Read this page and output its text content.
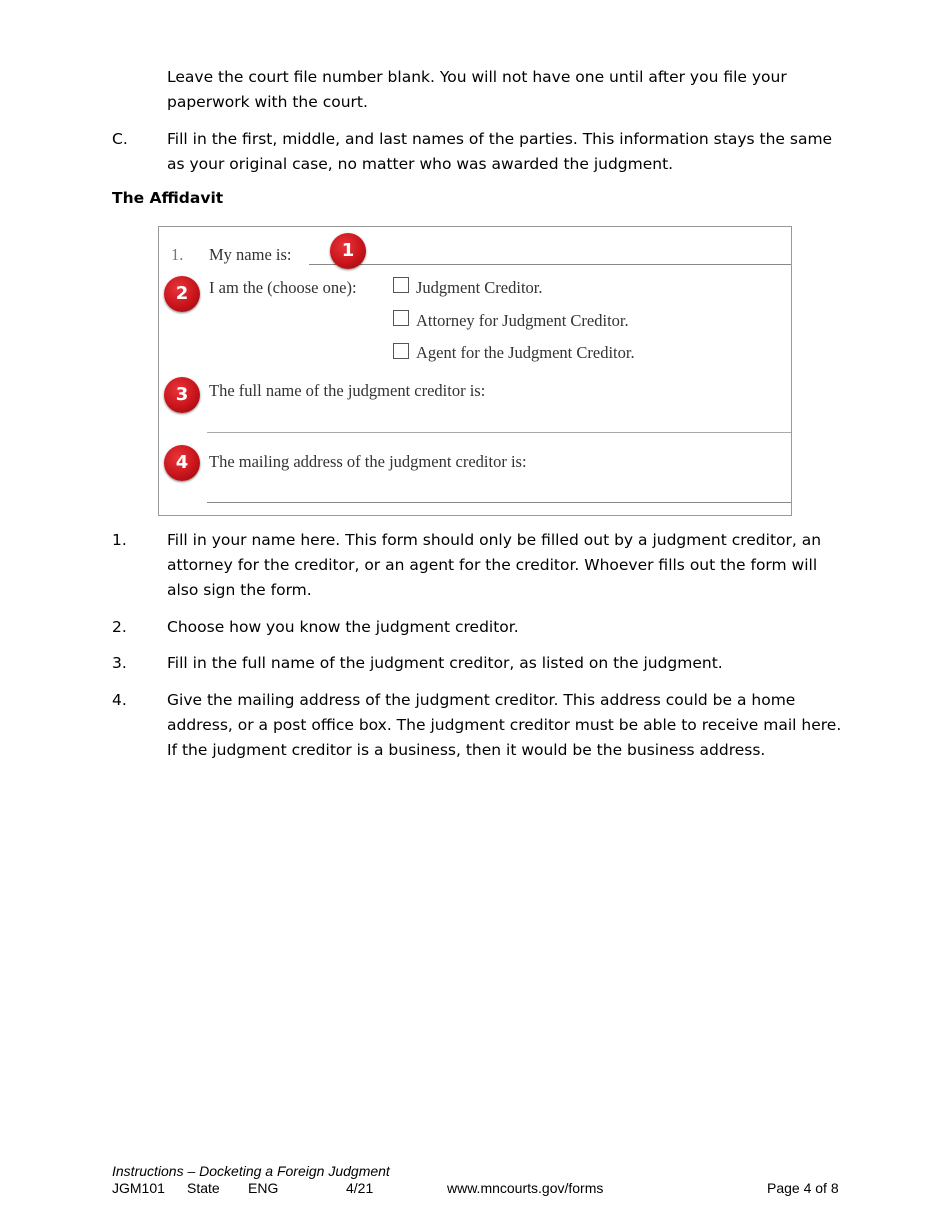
Leave the court file number blank. You will not have one until after you file your paperwork with the court.
C.	Fill in the first, middle, and last names of the parties. This information stays the same as your original case, no matter who was awarded the judgment.
The Affidavit
1. My name is:
I am the (choose one):	Judgment Creditor.
Attorney for Judgment Creditor.
Agent for the Judgment Creditor.
The full name of the judgment creditor is:
The mailing address of the judgment creditor is:
1
2
3
4
1.	Fill in your name here. This form should only be filled out by a judgment creditor, an attorney for the creditor, or an agent for the creditor. Whoever fills out the form will also sign the form.
2.	Choose how you know the judgment creditor.
3.	Fill in the full name of the judgment creditor, as listed on the judgment.
4.	Give the mailing address of the judgment creditor. This address could be a home address, or a post office box. The judgment creditor must be able to receive mail here. If the judgment creditor is a business, then it would be the business address.
Instructions – Docketing a Foreign Judgment
JGM101 State ENG	4/21	www.mncourts.gov/forms	Page 4 of 8
